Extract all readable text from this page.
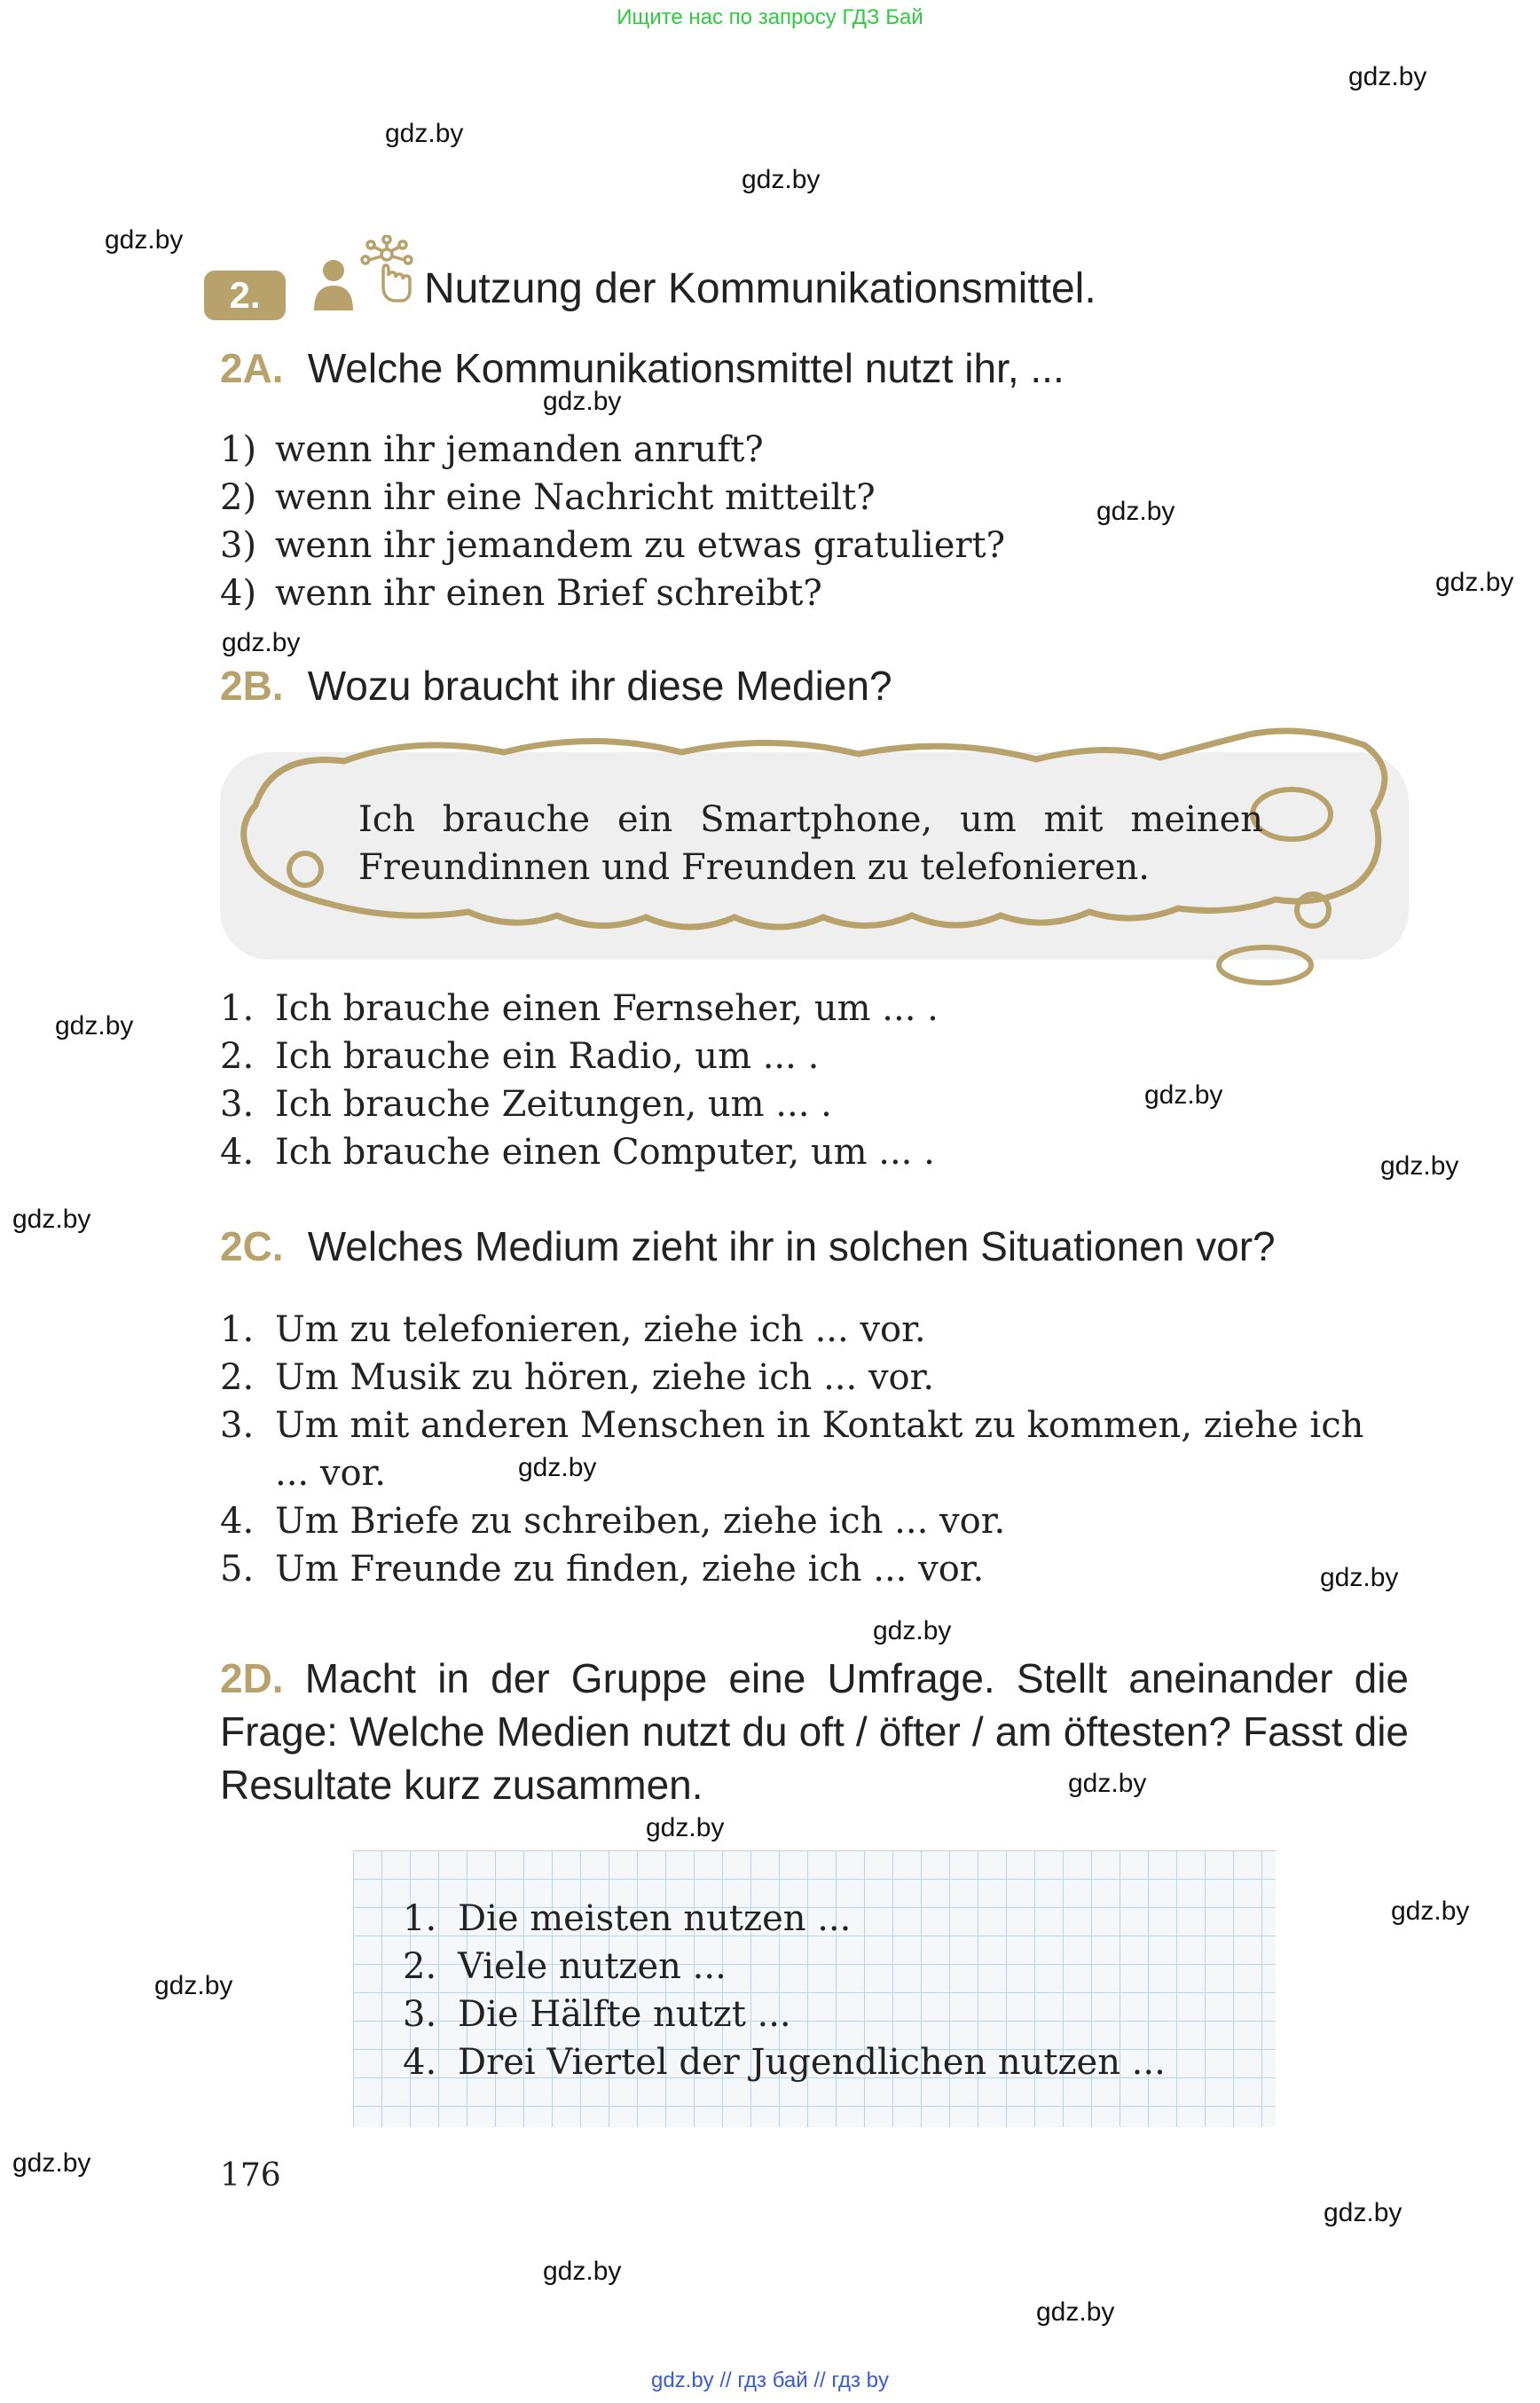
Ищите нас по запросу ГДЗ Бай
gdz.by // гдз бай // гдз by
gdz.by
gdz.by
gdz.by
gdz.by
gdz.by
gdz.by
gdz.by
gdz.by
gdz.by
gdz.by
gdz.by
gdz.by
gdz.by
gdz.by
gdz.by
gdz.by
gdz.by
gdz.by
gdz.by
gdz.by
gdz.by
gdz.by
gdz.by
2.	Nutzung der Kommunikationsmittel.
2A. Welche Kommunikationsmittel nutzt ihr, ...
1) wenn ihr jemanden anruft?
2) wenn ihr eine Nachricht mitteilt?
3) wenn ihr jemandem zu etwas gratuliert?
4) wenn ihr einen Brief schreibt?
2B. Wozu braucht ihr diese Medien?
Ich brauche ein Smartphone, um mit meinen
Freundinnen und Freunden zu telefonieren.
1. Ich brauche einen Fernseher, um ... .
2. Ich brauche ein Radio, um ... .
3. Ich brauche Zeitungen, um ... .
4. Ich brauche einen Computer, um ... .
2C. Welches Medium zieht ihr in solchen Situationen vor?
1. Um zu telefonieren, ziehe ich ... vor.
2. Um Musik zu hören, ziehe ich ... vor.
3. Um mit anderen Menschen in Kontakt zu kommen, ziehe ich
... vor.
4. Um Briefe zu schreiben, ziehe ich ... vor.
5. Um Freunde zu finden, ziehe ich ... vor.
2D. Macht in der Gruppe eine Umfrage. Stellt aneinander die Frage: Welche Medien nutzt du oft / öfter / am öftesten? Fasst die Resultate kurz zusammen.
1. Die meisten nutzen ...
2. Viele nutzen ...
3. Die Hälfte nutzt ...
4. Drei Viertel der Jugendlichen nutzen ...
176
